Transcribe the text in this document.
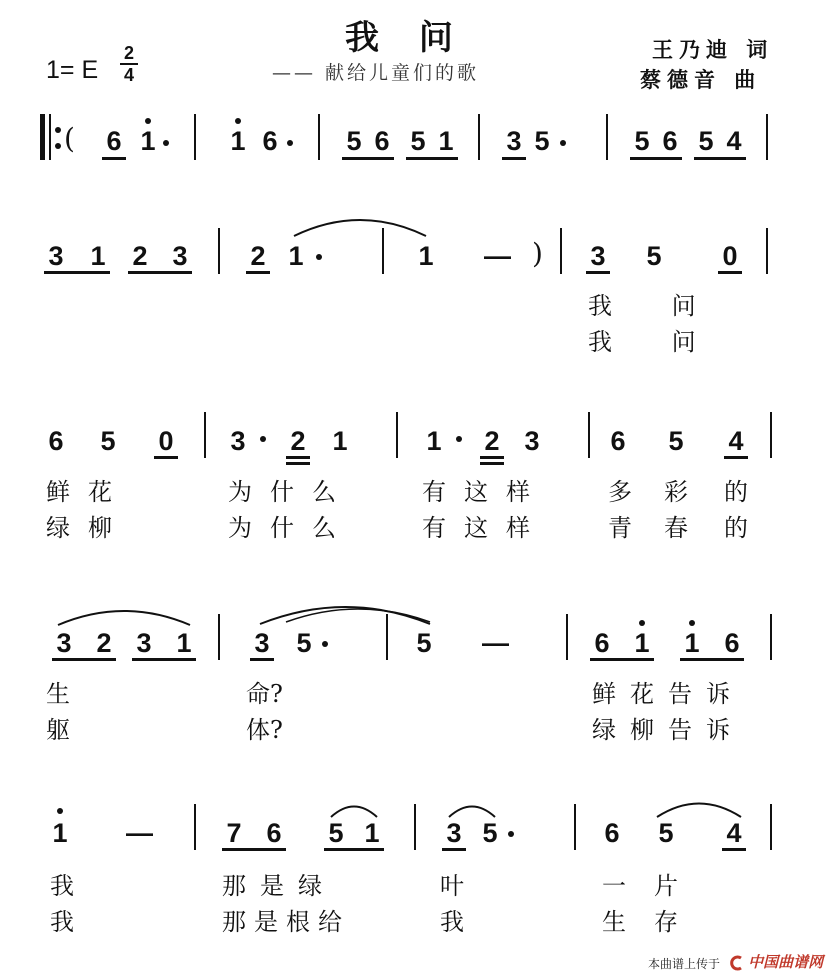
我 问
—— 献给儿童们的歌
王乃迪 词
蔡德音 曲
1= E
2
4
( 6 1	1 6	5 6 5 1 3 5	5 6 5 4
3 1 2 3 2 1	1 — ) 3 5 0
我 问
我 问
6 5 0 3 2 1	1 2 3	6 5 4
鲜花	为什么	有这样	多彩 的
绿柳	为什么	有这样	青春 的
3 2 3 1 3 5	5 —	6 1 1 6
生	命?	鲜花告诉
躯	体?	绿柳告诉
1 —	7 6 5 1 3 5	6 5 4
我	那是绿	叶	一片
我	那是根给	我	生存
本曲谱上传于	中国曲谱网
